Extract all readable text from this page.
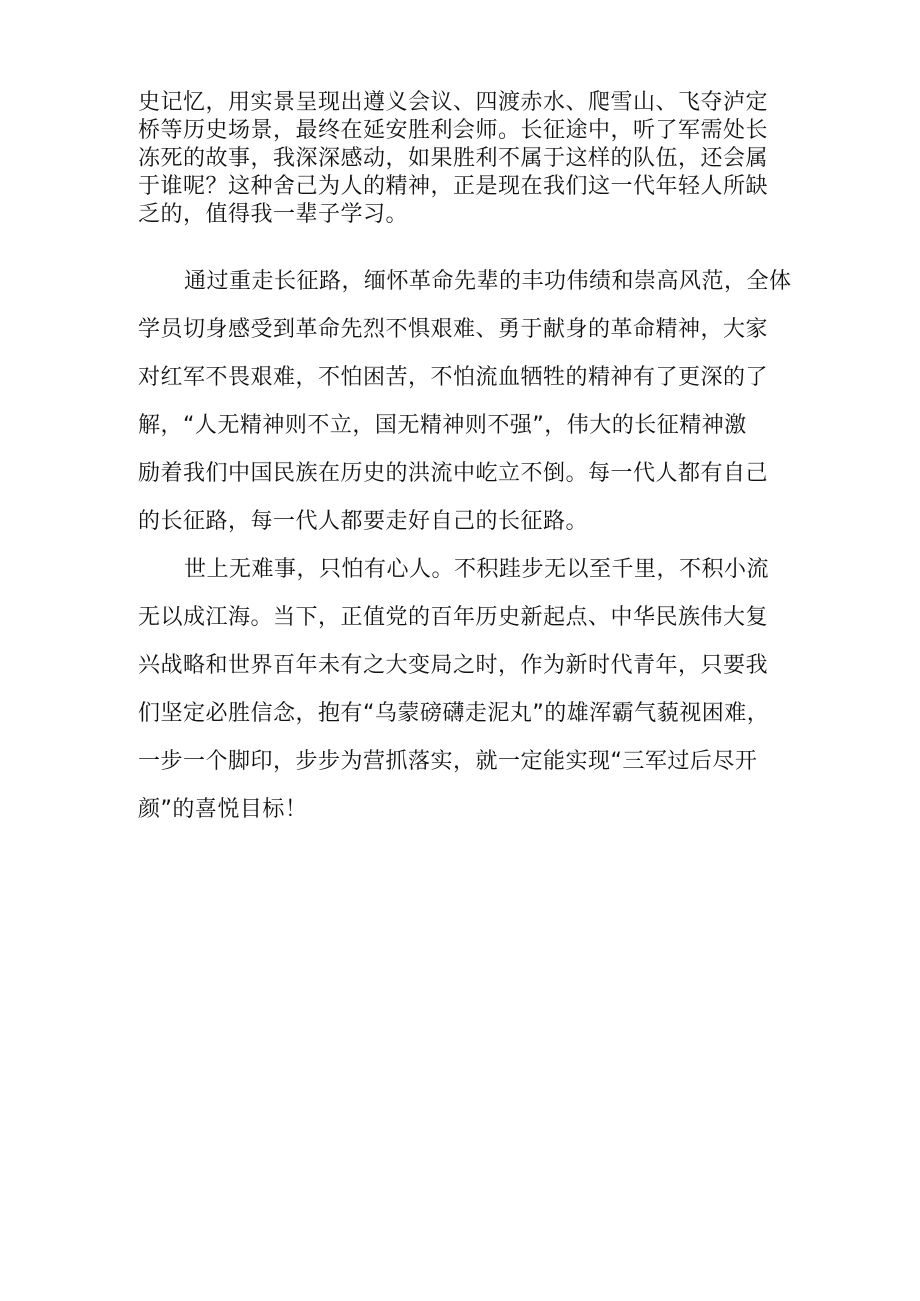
史记忆，用实景呈现出遵义会议、四渡赤水、爬雪山、飞夺泸定
桥等历史场景，最终在延安胜利会师。长征途中，听了军需处长
冻死的故事，我深深感动，如果胜利不属于这样的队伍，还会属
于谁呢？这种舍己为人的精神，正是现在我们这一代年轻人所缺
乏的，值得我一辈子学习。
通过重走长征路，缅怀革命先辈的丰功伟绩和崇高风范，全体
学员切身感受到革命先烈不惧艰难、勇于献身的革命精神，大家
对红军不畏艰难，不怕困苦，不怕流血牺牲的精神有了更深的了
解，“人无精神则不立，国无精神则不强”，伟大的长征精神激
励着我们中国民族在历史的洪流中屹立不倒。每一代人都有自己
的长征路，每一代人都要走好自己的长征路。
世上无难事，只怕有心人。不积跬步无以至千里，不积小流
无以成江海。当下，正值党的百年历史新起点、中华民族伟大复
兴战略和世界百年未有之大变局之时，作为新时代青年，只要我
们坚定必胜信念，抱有“乌蒙磅礴走泥丸”的雄浑霸气藐视困难，
一步一个脚印，步步为营抓落实，就一定能实现“三军过后尽开
颜”的喜悦目标！
